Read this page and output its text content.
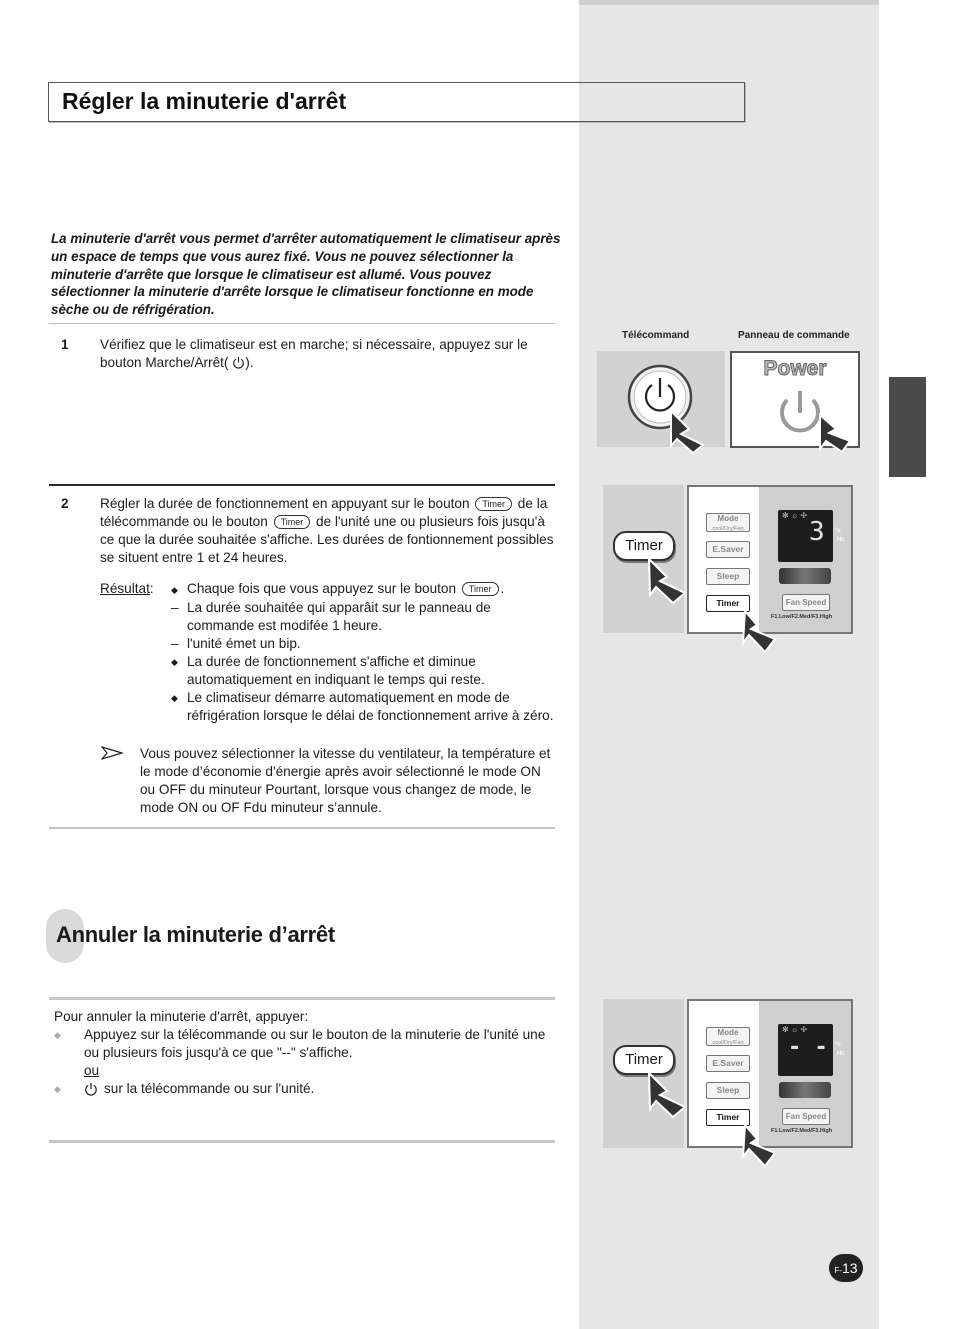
Régler la minuterie d'arrêt
La minuterie d'arrêt vous permet d'arrêter automatiquement le climatiseur après un espace de temps que vous aurez fixé. Vous ne pouvez sélectionner la minuterie d'arrête que lorsque le climatiseur est allumé. Vous pouvez sélectionner la minuterie d'arrête lorsque le climatiseur fonctionne en mode sèche ou de réfrigération.
1 Vérifiez que le climatiseur est en marche; si nécessaire, appuyez sur le bouton Marche/Arrêt( ).
2 Régler la durée de fonctionnement en appuyant sur le bouton Timer de la télécommande ou le bouton Timer de l'unité une ou plusieurs fois jusqu'à ce que la durée souhaitée s'affiche. Les durées de fontionnement possibles se situent entre 1 et 24 heures.
Résultat: ◆ Chaque fois que vous appuyez sur le bouton Timer .
– La durée souhaitée qui apparâit sur le panneau de commande est modifée 1 heure.
– l'unité émet un bip.
◆ La durée de fonctionnement s'affiche et diminue automatiquement en indiquant le temps qui reste.
◆ Le climatiseur démarre automatiquement en mode de réfrigération lorsque le délai de fonctionnement arrive à zéro.
Vous pouvez sélectionner la vitesse du ventilateur, la température et le mode d’économie d'énergie après avoir sélectionné le mode ON ou OFF du minuteur Pourtant, lorsque vous changez de mode, le mode ON ou OF Fdu minuteur s’annule.
Annuler la minuterie d’arrêt
Pour annuler la minuterie d'arrêt, appuyer:
◆	Appuyez sur la télécommande ou sur le bouton de la minuterie de l'unité une ou plusieurs fois jusqu'à ce que "--" s'affiche.
ou
◆	sur la télécommande ou sur l'unité.
Télécommand	Panneau de commande
Power
Timer
Mode
cool/Dry/Fan
E.Saver
Sleep
Timer
✻ ☼ ✢
3 °c
Hr.
Fan Speed
F1.Low/F2.Med/F3.High
Timer
Mode
cool/Dry/Fan
E.Saver
Sleep
Timer
✻ ☼ ✢
- - °c
Hr.
Fan Speed
F1.Low/F2.Med/F3.High
F-13
